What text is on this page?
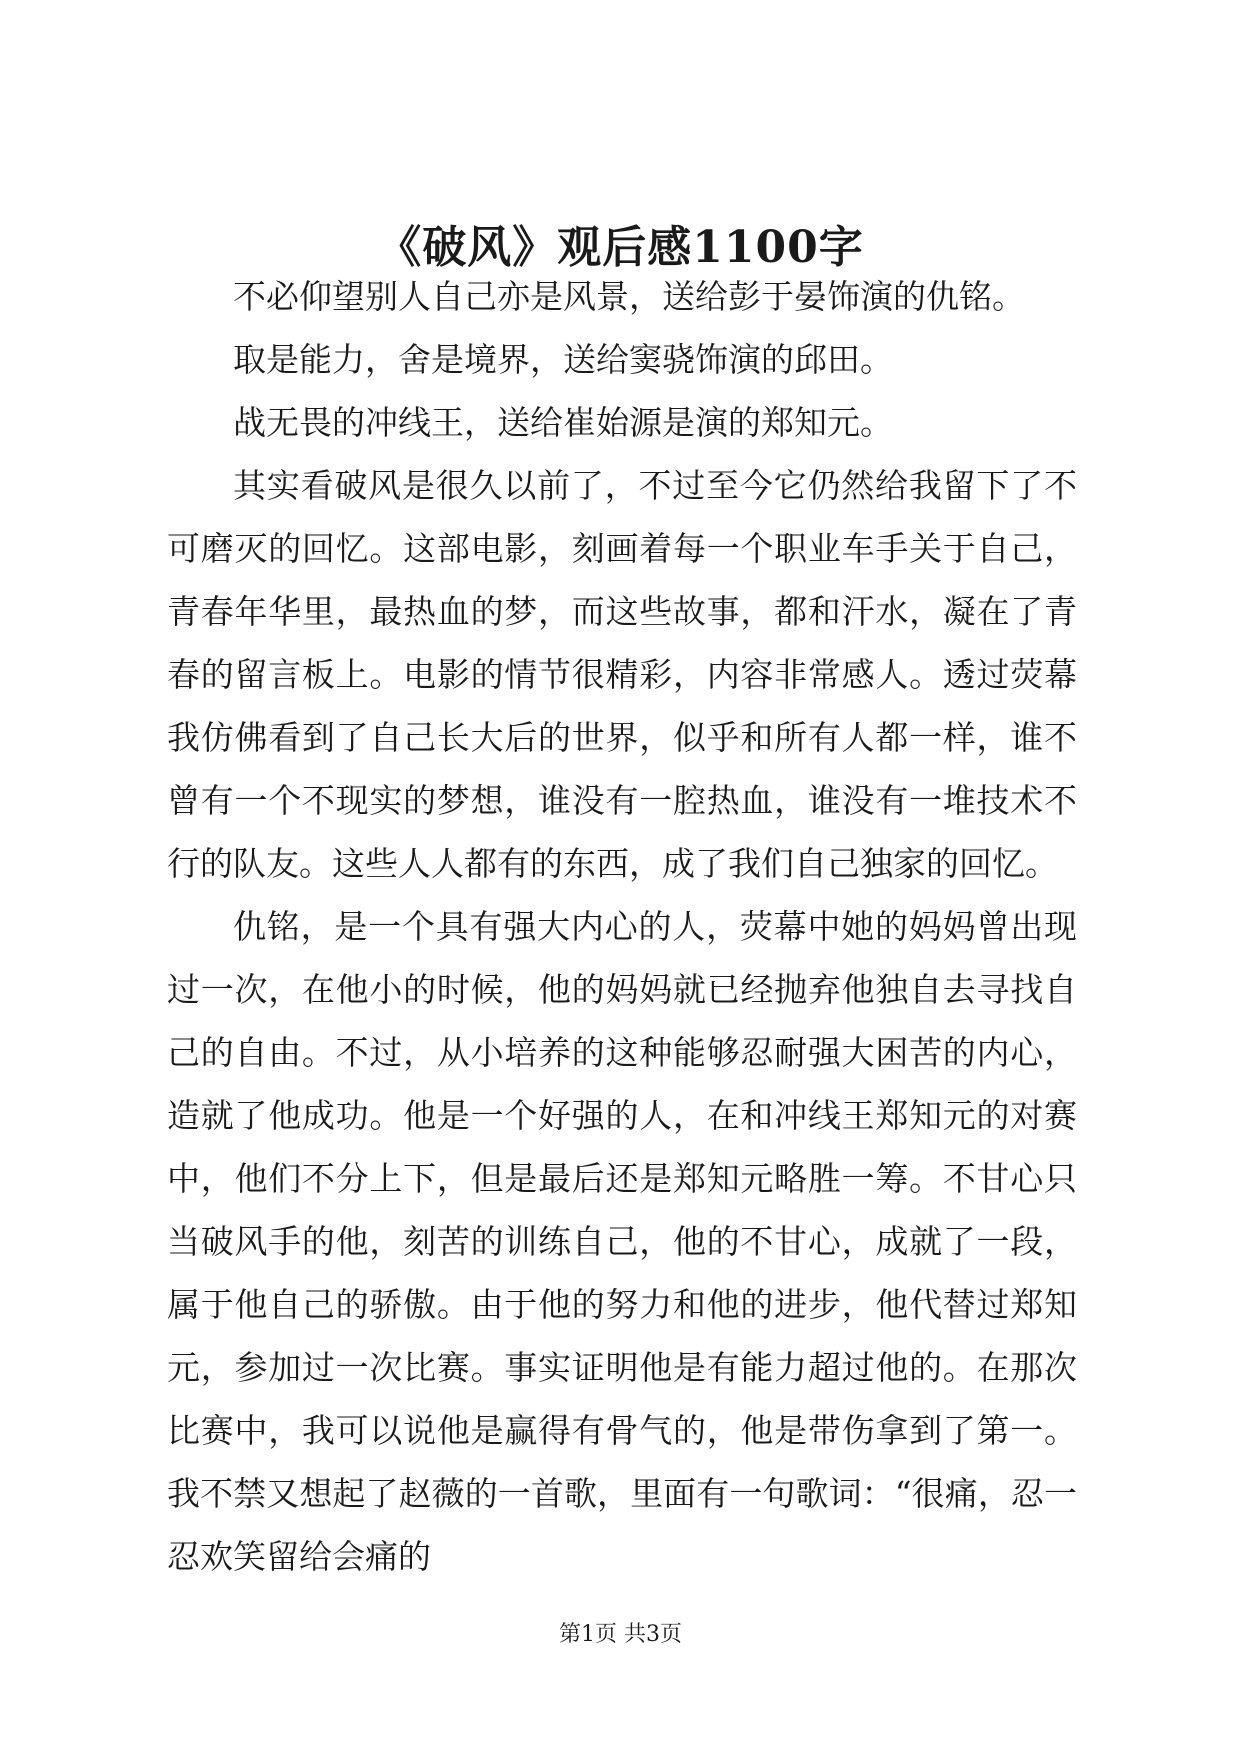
《破风》观后感1100字

不必仰望别人自己亦是风景，送给彭于晏饰演的仇铭。

取是能力，舍是境界，送给窦骁饰演的邱田。

战无畏的冲线王，送给崔始源是演的郑知元。

其实看破风是很久以前了，不过至今它仍然给我留下了不可磨灭的回忆。这部电影，刻画着每一个职业车手关于自己，青春年华里，最热血的梦，而这些故事，都和汗水，凝在了青春的留言板上。电影的情节很精彩，内容非常感人。透过荧幕我仿佛看到了自己长大后的世界，似乎和所有人都一样，谁不曾有一个不现实的梦想，谁没有一腔热血，谁没有一堆技术不行的队友。这些人人都有的东西，成了我们自己独家的回忆。

仇铭，是一个具有强大内心的人，荧幕中她的妈妈曾出现过一次，在他小的时候，他的妈妈就已经抛弃他独自去寻找自己的自由。不过，从小培养的这种能够忍耐强大困苦的内心，造就了他成功。他是一个好强的人，在和冲线王郑知元的对赛中，他们不分上下，但是最后还是郑知元略胜一筹。不甘心只当破风手的他，刻苦的训练自己，他的不甘心，成就了一段，属于他自己的骄傲。由于他的努力和他的进步，他代替过郑知元，参加过一次比赛。事实证明他是有能力超过他的。在那次比赛中，我可以说他是赢得有骨气的，他是带伤拿到了第一。我不禁又想起了赵薇的一首歌，里面有一句歌词：“很痛，忍一忍欢笑留给会痛的

第1页 共3页
